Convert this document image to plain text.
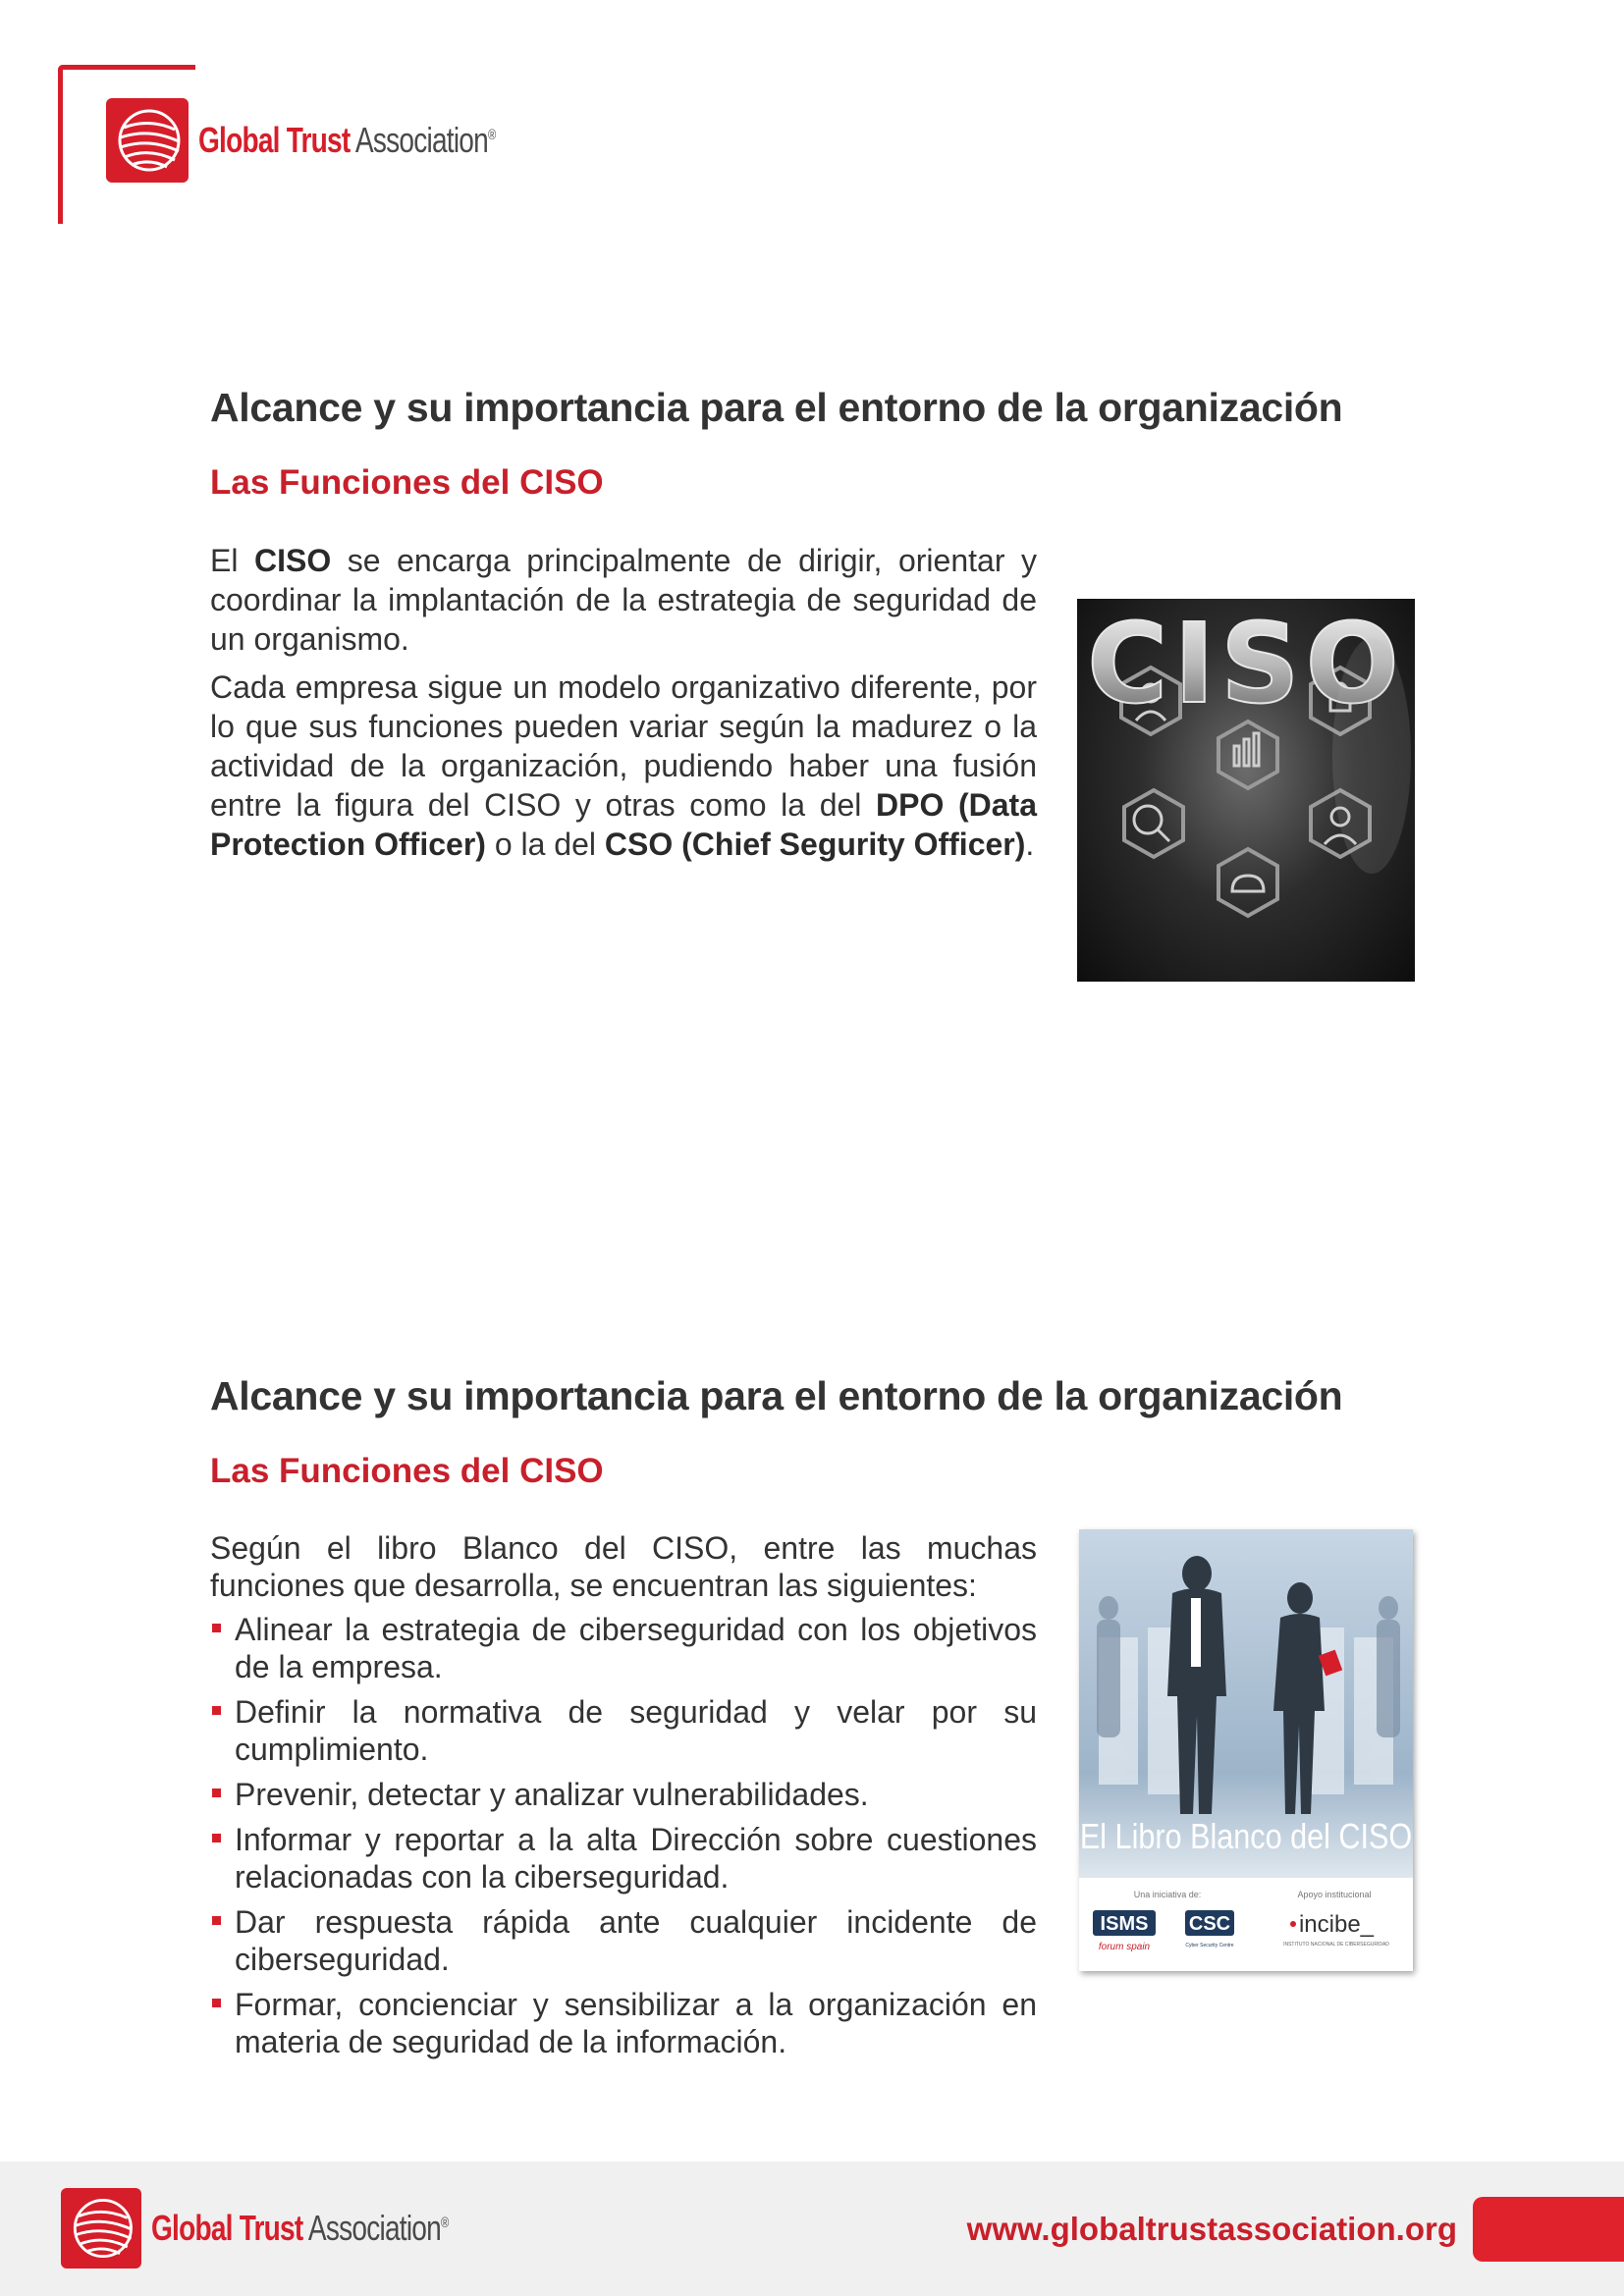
Global Trust Association®
Alcance y su importancia para el entorno de la organización
Las Funciones del CISO

El CISO se encarga principalmente de dirigir, orientar y coordinar la implantación de la estrategia de seguridad de un organismo.

Cada empresa sigue un modelo organizativo diferente, por lo que sus funciones pueden variar según la madurez o la actividad de la organización, pudiendo haber una fusión entre la figura del CISO y otras como la del DPO (Data Protection Officer) o la del CSO (Chief Segurity Officer).

CISO
Alcance y su importancia para el entorno de la organización
Las Funciones del CISO

Según el libro Blanco del CISO, entre las muchas funciones que desarrolla, se encuentran las siguientes:

Alinear la estrategia de ciberseguridad con los objetivos de la empresa.
Definir la normativa de seguridad y velar por su cumplimiento.
Prevenir, detectar y analizar vulnerabilidades.
Informar y reportar a la alta Dirección sobre cuestiones relacionadas con la ciberseguridad.
Dar respuesta rápida ante cualquier incidente de ciberseguridad.
Formar, concienciar y sensibilizar a la organización en materia de seguridad de la información.
El Libro Blanco del CISO
Una iniciativa de:	Apoyo institucional
ISMS
forum spain
CSC
Cyber Security Centre
incibe_
INSTITUTO NACIONAL DE CIBERSEGURIDAD
Global Trust Association®	www.globaltrustassociation.org
